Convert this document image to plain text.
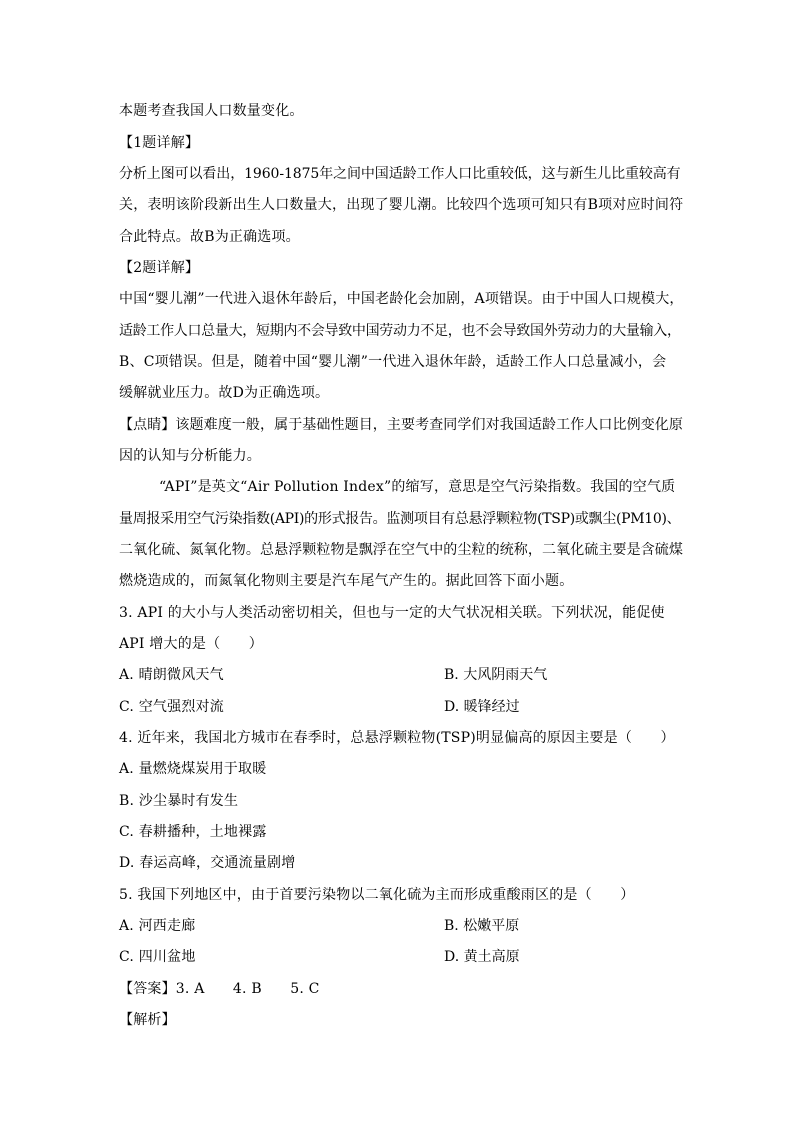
本题考查我国人口数量变化。
【1题详解】
分析上图可以看出，1960-1875年之间中国适龄工作人口比重较低，这与新生儿比重较高有
关，表明该阶段新出生人口数量大，出现了婴儿潮。比较四个选项可知只有B项对应时间符
合此特点。故B为正确选项。
【2题详解】
中国“婴儿潮”一代进入退休年龄后，中国老龄化会加剧，A项错误。由于中国人口规模大，
适龄工作人口总量大，短期内不会导致中国劳动力不足，也不会导致国外劳动力的大量输入，
B、C项错误。但是，随着中国“婴儿潮”一代进入退休年龄，适龄工作人口总量减小，会
缓解就业压力。故D为正确选项。
【点睛】该题难度一般，属于基础性题目，主要考查同学们对我国适龄工作人口比例变化原
因的认知与分析能力。
“API”是英文“Air Pollution Index”的缩写，意思是空气污染指数。我国的空气质
量周报采用空气污染指数(API)的形式报告。监测项目有总悬浮颗粒物(TSP)或飘尘(PM10)、
二氧化硫、氮氧化物。总悬浮颗粒物是飘浮在空气中的尘粒的统称，二氧化硫主要是含硫煤
燃烧造成的，而氮氧化物则主要是汽车尾气产生的。据此回答下面小题。
3. API 的大小与人类活动密切相关，但也与一定的大气状况相关联。下列状况，能促使
API 增大的是（　　）
A. 晴朗微风天气	B. 大风阴雨天气
C. 空气强烈对流	D. 暖锋经过
4. 近年来，我国北方城市在春季时，总悬浮颗粒物(TSP)明显偏高的原因主要是（　　）
A. 量燃烧煤炭用于取暖
B. 沙尘暴时有发生
C. 春耕播种，土地裸露
D. 春运高峰，交通流量剧增
5. 我国下列地区中，由于首要污染物以二氧化硫为主而形成重酸雨区的是（　　）
A. 河西走廊	B. 松嫩平原
C. 四川盆地	D. 黄土高原
【答案】3. A　　4. B　　5. C
【解析】
